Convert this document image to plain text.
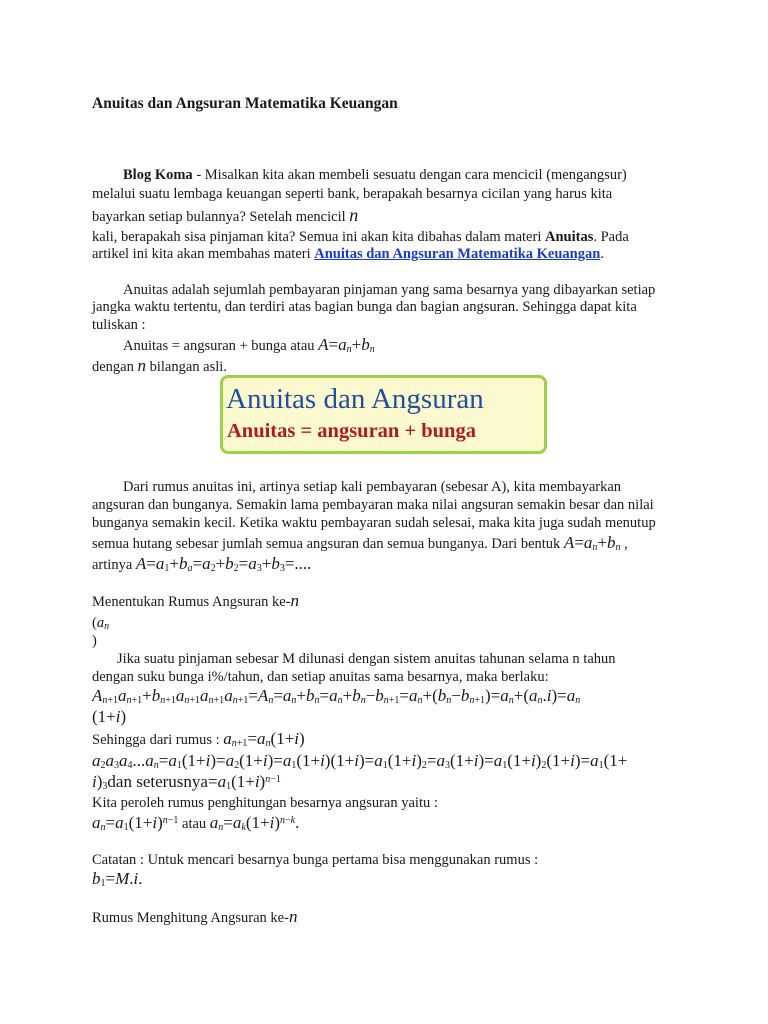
Anuitas dan Angsuran Matematika Keuangan
Blog Koma - Misalkan kita akan membeli sesuatu dengan cara mencicil (mengangsur)
melalui suatu lembaga keuangan seperti bank, berapakah besarnya cicilan yang harus kita
bayarkan setiap bulannya? Setelah mencicil n
kali, berapakah sisa pinjaman kita? Semua ini akan kita dibahas dalam materi Anuitas. Pada
artikel ini kita akan membahas materi Anuitas dan Angsuran Matematika Keuangan.
Anuitas adalah sejumlah pembayaran pinjaman yang sama besarnya yang dibayarkan setiap
jangka waktu tertentu, dan terdiri atas bagian bunga dan bagian angsuran. Sehingga dapat kita
tuliskan :
Anuitas = angsuran + bunga atau $A=a_n+b_n$
dengan n bilangan asli.
Anuitas dan Angsuran
Anuitas = angsuran + bunga
Dari rumus anuitas ini, artinya setiap kali pembayaran (sebesar A), kita membayarkan
angsuran dan bunganya. Semakin lama pembayaran maka nilai angsuran semakin besar dan nilai
bunganya semakin kecil. Ketika waktu pembayaran sudah selesai, maka kita juga sudah menutup
semua hutang sebesar jumlah semua angsuran dan semua bunganya. Dari bentuk $A=a_n+b_n$ ,
artinya $A=a_1+b_a=a_2+b_2=a_3+b_3=$....
Menentukan Rumus Angsuran ke-n
($a_n$
)
Jika suatu pinjaman sebesar M dilunasi dengan sistem anuitas tahunan selama n tahun
dengan suku bunga i%/tahun, dan setiap anuitas sama besarnya, maka berlaku:
$A_{n+1}a_{n+1}+b_{n+1}a_{n+1}a_{n+1}a_{n+1}=A_n=a_n+b_n=a_n+b_n-b_{n+1}=a_n+(b_n-b_{n+1})=a_n+(a_n.i)=a_n$
(1+i)
Sehingga dari rumus : $a_{n+1}=a_n(1+i)$
$a_2a_3a_4...a_n=a_1(1+i)=a_2(1+i)=a_1(1+i)(1+i)=a_1(1+i)_2=a_3(1+i)=a_1(1+i)_2(1+i)=a_1(1+$
$i)_3dan$ $seterusnya=a_1(1+i)^{n-1}$
Kita peroleh rumus penghitungan besarnya angsuran yaitu :
$a_n=a_1(1+i)^{n-1}$ atau $a_n=a_k(1+i)^{n-k}$.
Catatan : Untuk mencari besarnya bunga pertama bisa menggunakan rumus :
$b_1=M.i$.
Rumus Menghitung Angsuran ke-n
